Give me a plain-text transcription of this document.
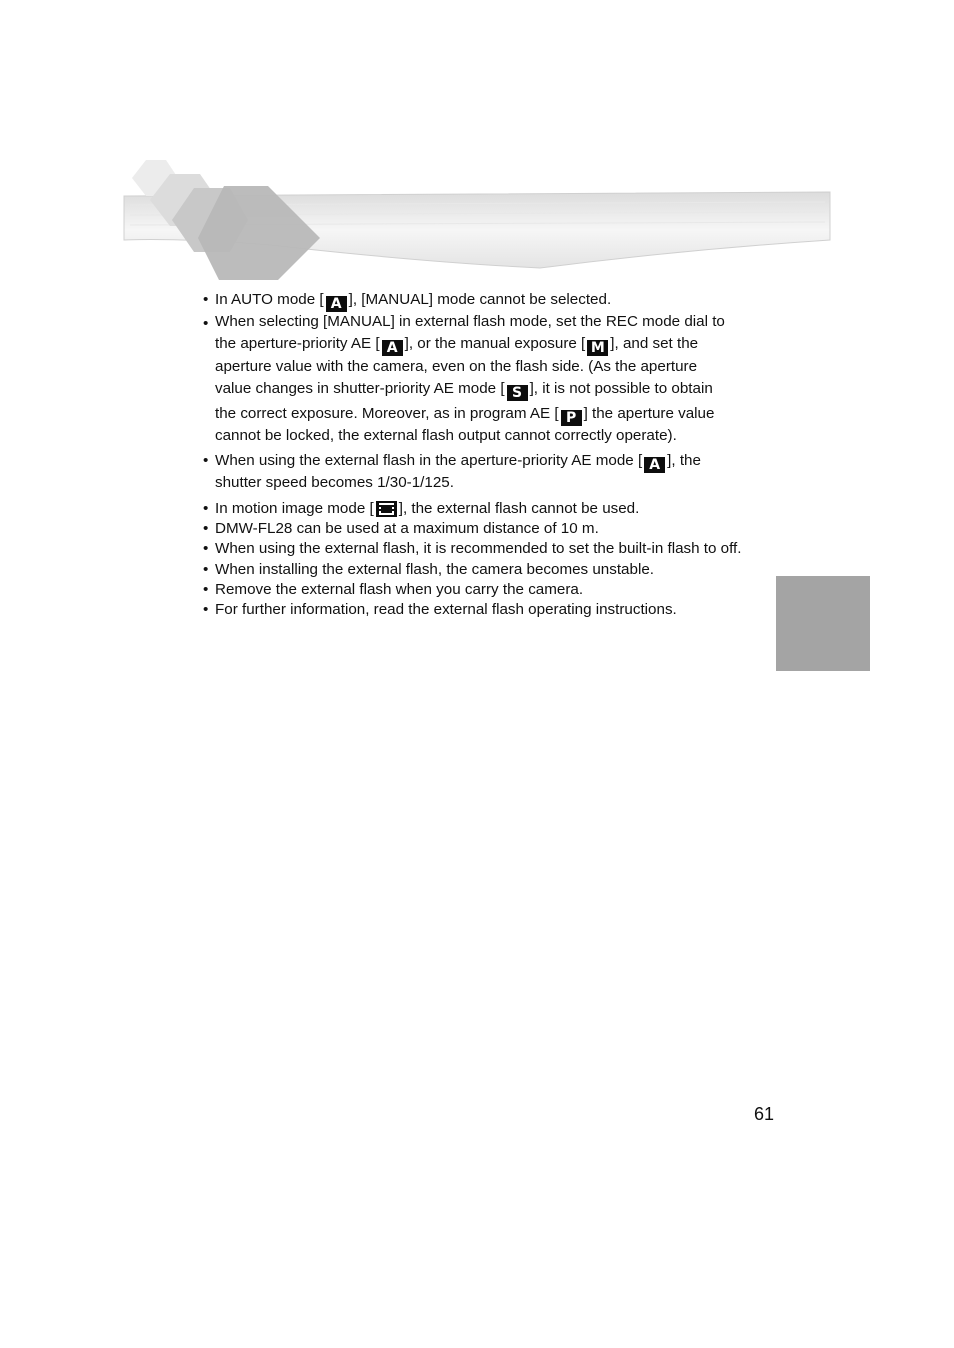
• In AUTO mode [ A ], [MANUAL] mode cannot be selected.
• When selecting [MANUAL] in external flash mode, set the REC mode dial to
the aperture-priority AE [ A ], or the manual exposure [ M ], and set the
aperture value with the camera, even on the flash side. (As the aperture
value changes in shutter-priority AE mode [ S ], it is not possible to obtain
the correct exposure. Moreover, as in program AE [ P ] the aperture value
cannot be locked, the external flash output cannot correctly operate).
• When using the external flash in the aperture-priority AE mode [ A ], the
shutter speed becomes 1/30-1/125.
• In motion image mode [ ], the external flash cannot be used.
• DMW-FL28 can be used at a maximum distance of 10 m.
• When using the external flash, it is recommended to set the built-in flash to off.
• When installing the external flash, the camera becomes unstable.
• Remove the external flash when you carry the camera.
• For further information, read the external flash operating instructions.
61
